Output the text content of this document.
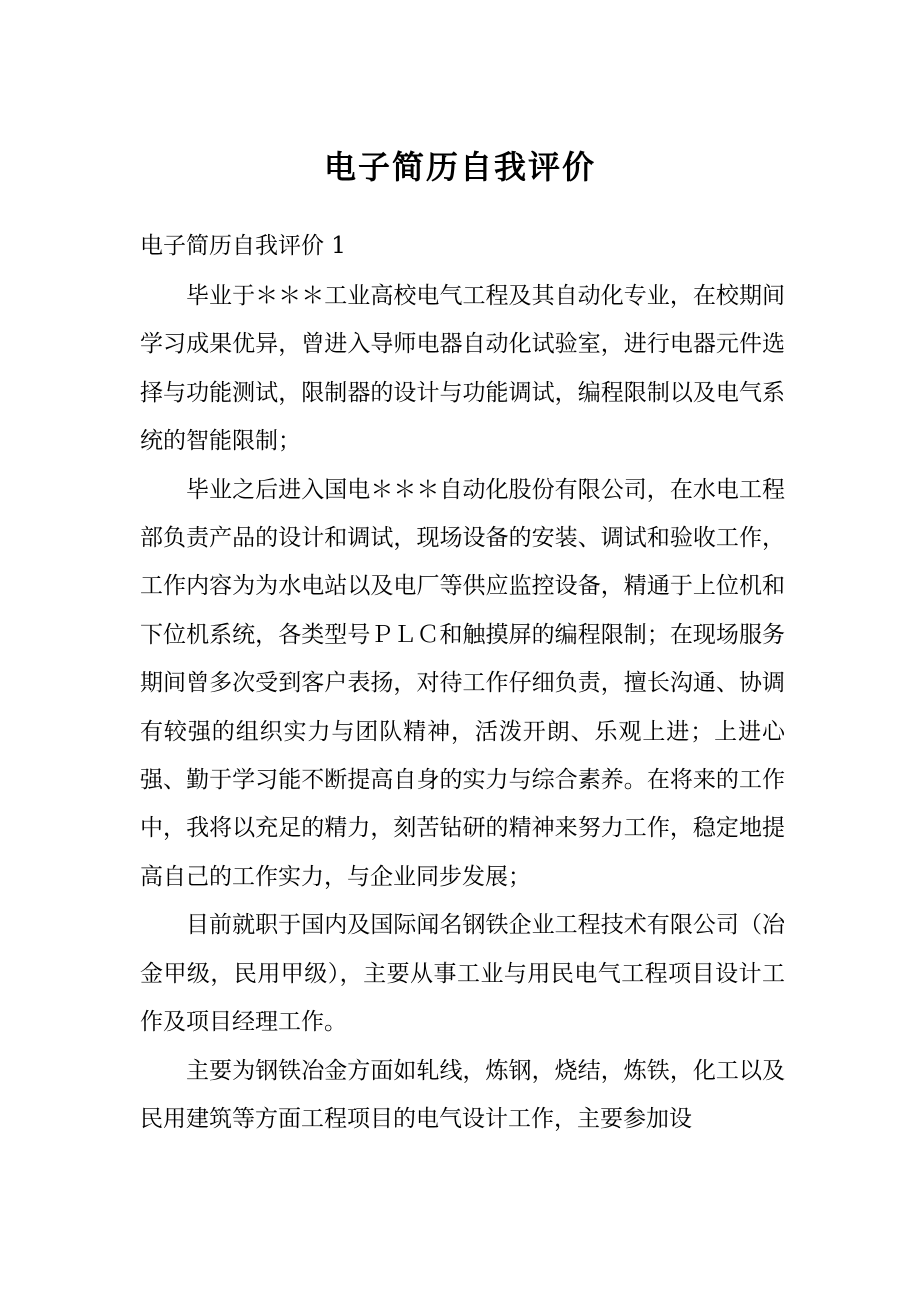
电子简历自我评价
电子简历自我评价 1

毕业于＊＊＊工业高校电气工程及其自动化专业，在校期间学习成果优异，曾进入导师电器自动化试验室，进行电器元件选择与功能测试，限制器的设计与功能调试，编程限制以及电气系统的智能限制；

毕业之后进入国电＊＊＊自动化股份有限公司，在水电工程部负责产品的设计和调试，现场设备的安装、调试和验收工作，工作内容为为水电站以及电厂等供应监控设备，精通于上位机和下位机系统，各类型号ＰＬＣ和触摸屏的编程限制；在现场服务期间曾多次受到客户表扬，对待工作仔细负责，擅长沟通、协调有较强的组织实力与团队精神，活泼开朗、乐观上进；上进心强、勤于学习能不断提高自身的实力与综合素养。在将来的工作中，我将以充足的精力，刻苦钻研的精神来努力工作，稳定地提高自己的工作实力，与企业同步发展；

目前就职于国内及国际闻名钢铁企业工程技术有限公司（冶金甲级，民用甲级），主要从事工业与用民电气工程项目设计工作及项目经理工作。

主要为钢铁冶金方面如轧线，炼钢，烧结，炼铁，化工以及民用建筑等方面工程项目的电气设计工作，主要参加设
